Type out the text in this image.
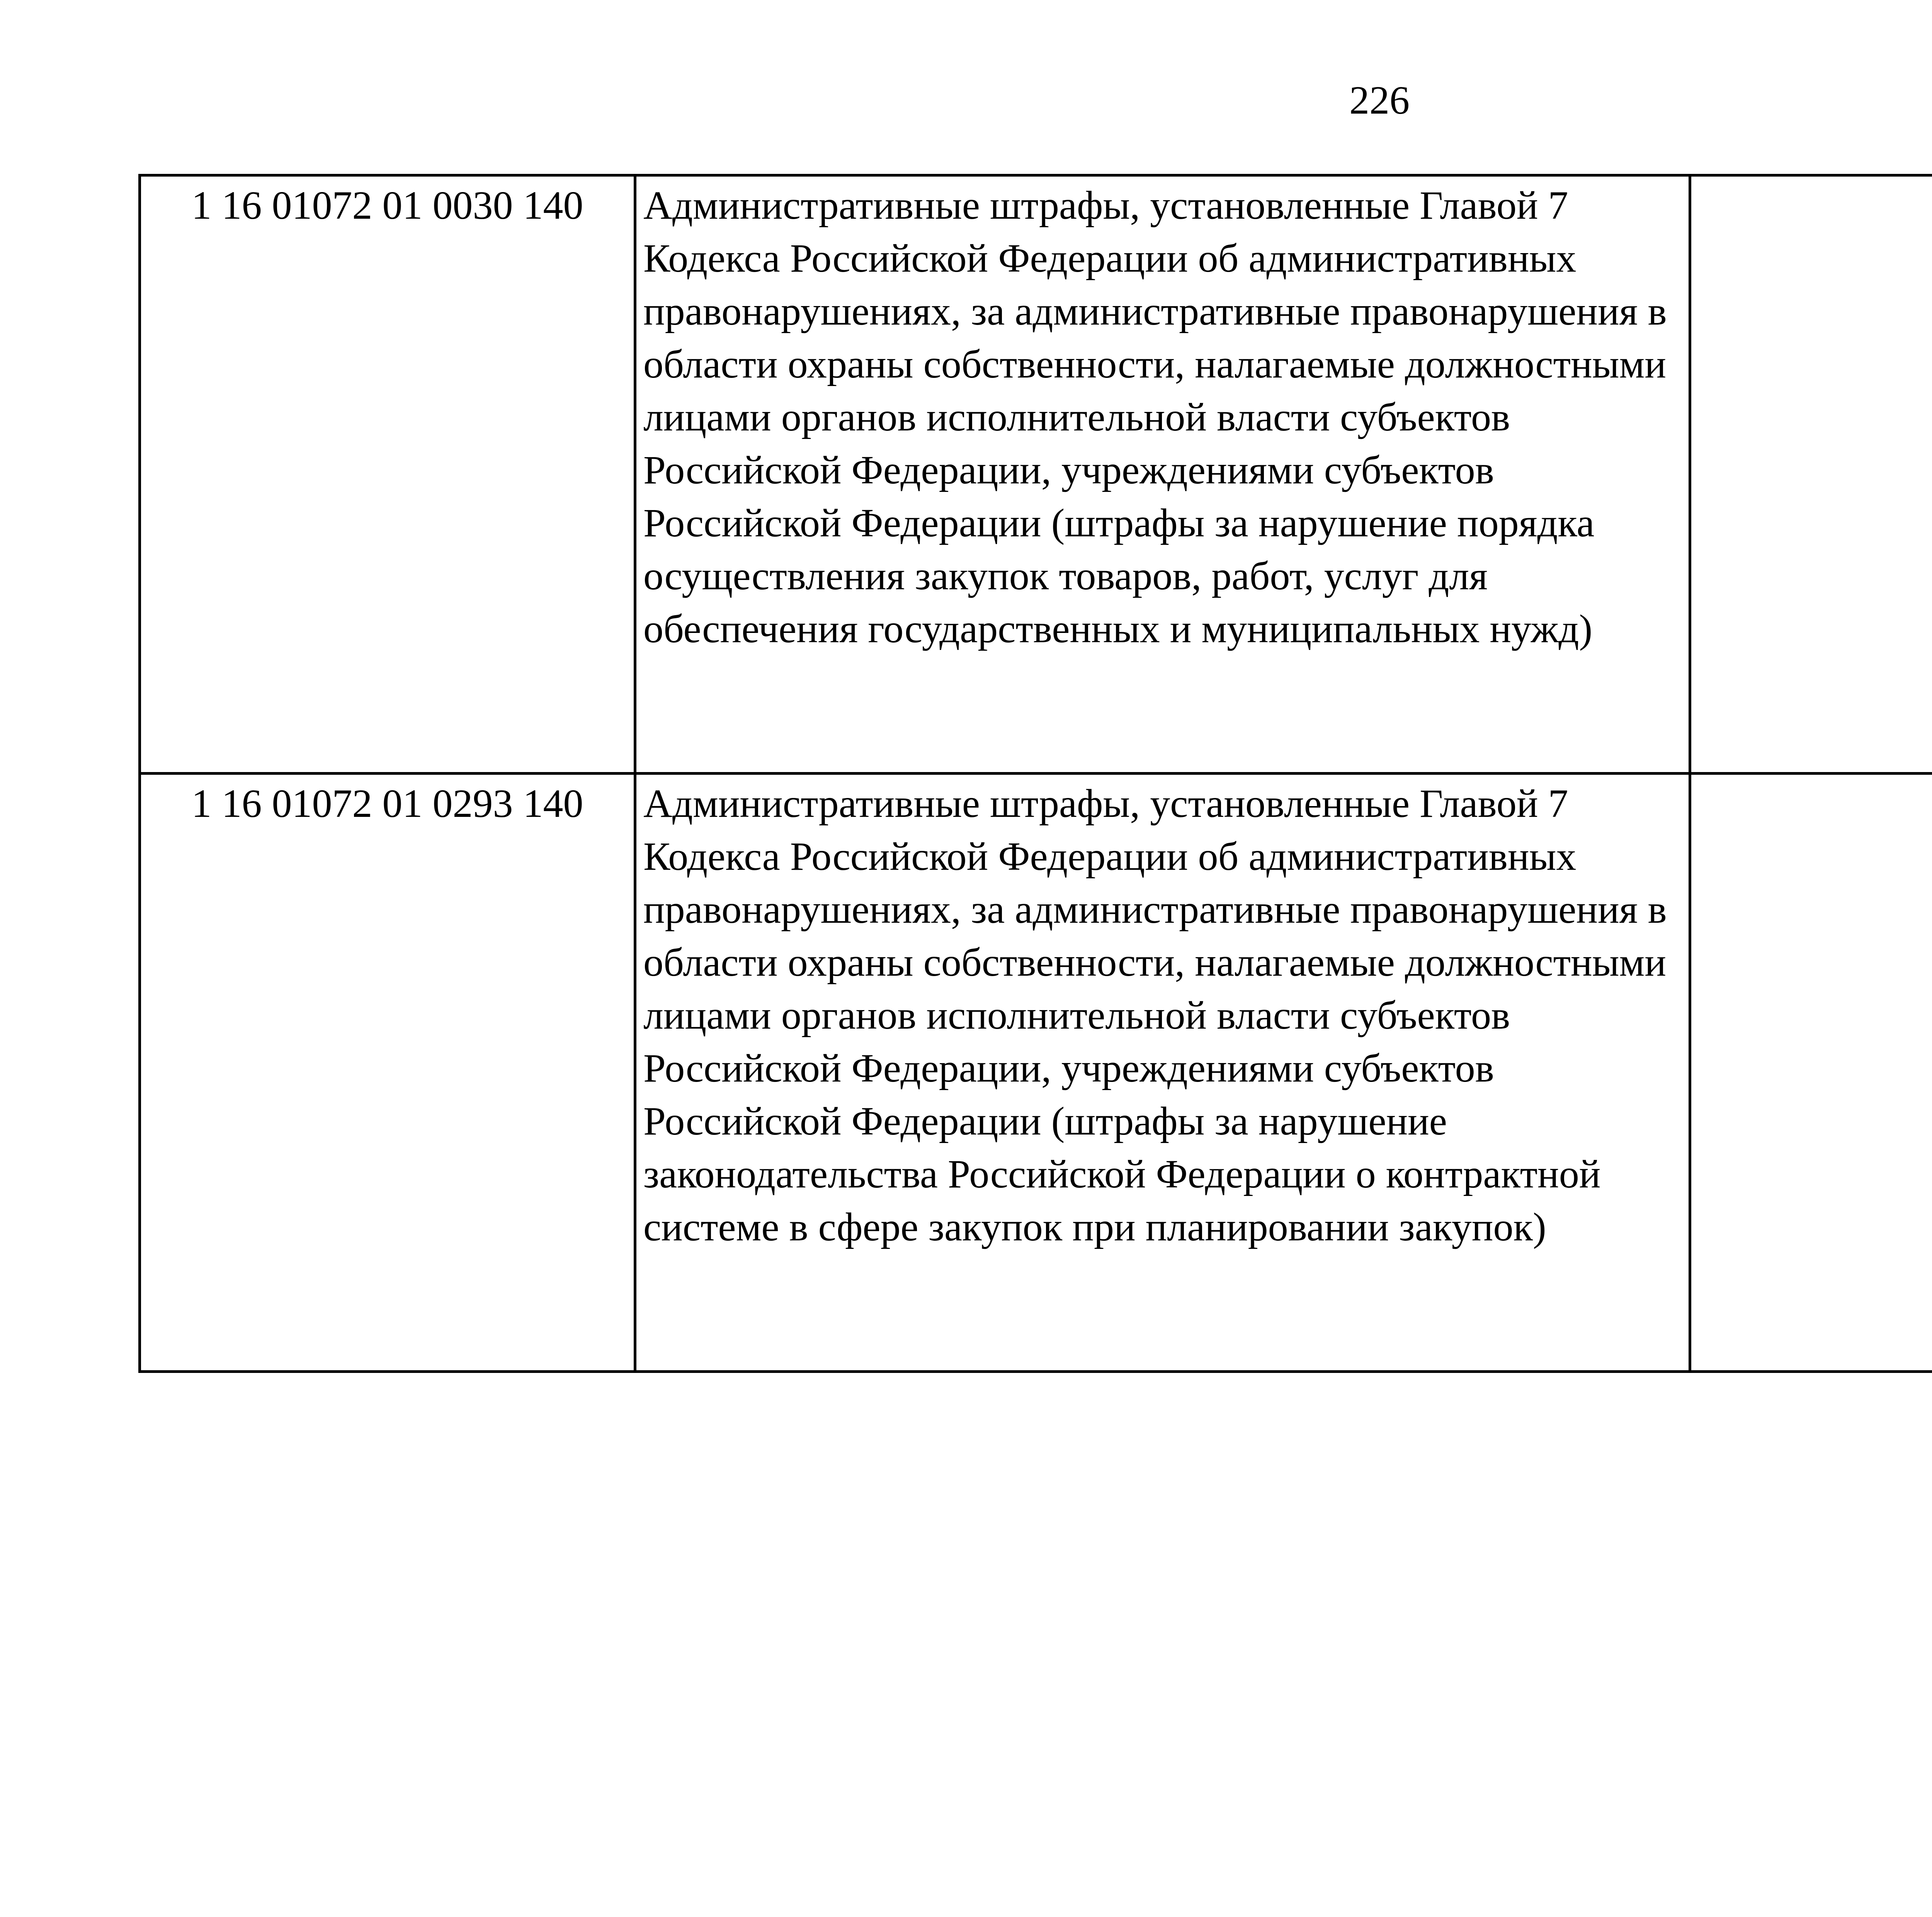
226
1 16 01072 01 0030 140	Административные штрафы, установленные Главой 7 Кодекса Российской Федерации об административных правонарушениях, за административные правонарушения в области охраны собственности, налагаемые должностными лицами органов исполнительной власти субъектов Российской Федерации, учреждениями субъектов Российской Федерации (штрафы за нарушение порядка осуществления закупок товаров, работ, услуг для обеспечения государственных и муниципальных нужд)			
1 16 01072 01 0293 140	Административные штрафы, установленные Главой 7 Кодекса Российской Федерации об административных правонарушениях, за административные правонарушения в области охраны собственности, налагаемые должностными лицами органов исполнительной власти субъектов Российской Федерации, учреждениями субъектов Российской Федерации (штрафы за нарушение законодательства Российской Федерации о контрактной системе в сфере закупок при планировании закупок)			
